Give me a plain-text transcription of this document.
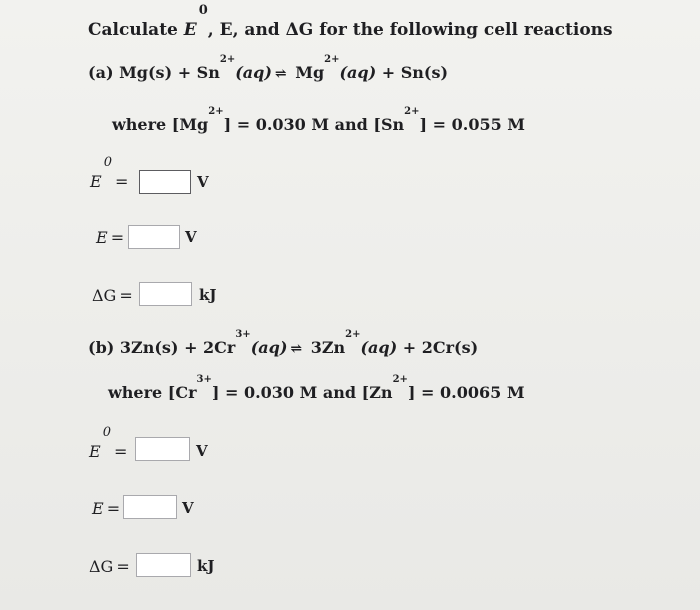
Calculate $E^0$, E, and ΔG for the following cell reactions
(a) $Mg(s) + Sn^{2+}(aq)$ ⇌ $Mg^{2+}(aq) + Sn(s)$
where $[Mg^{2+}] = 0.030$ M and $[Sn^{2+}] = 0.055$ M
$E^0=$	V
E =	V
ΔG =	kJ
(b) $3Zn(s) + 2Cr^{3+}(aq)$ ⇌ $3Zn^{2+}(aq) + 2Cr(s)$
where $[Cr^{3+}] = 0.030$ M and $[Zn^{2+}] = 0.0065$ M
$E^0=$	V
E =	V
ΔG =	kJ
